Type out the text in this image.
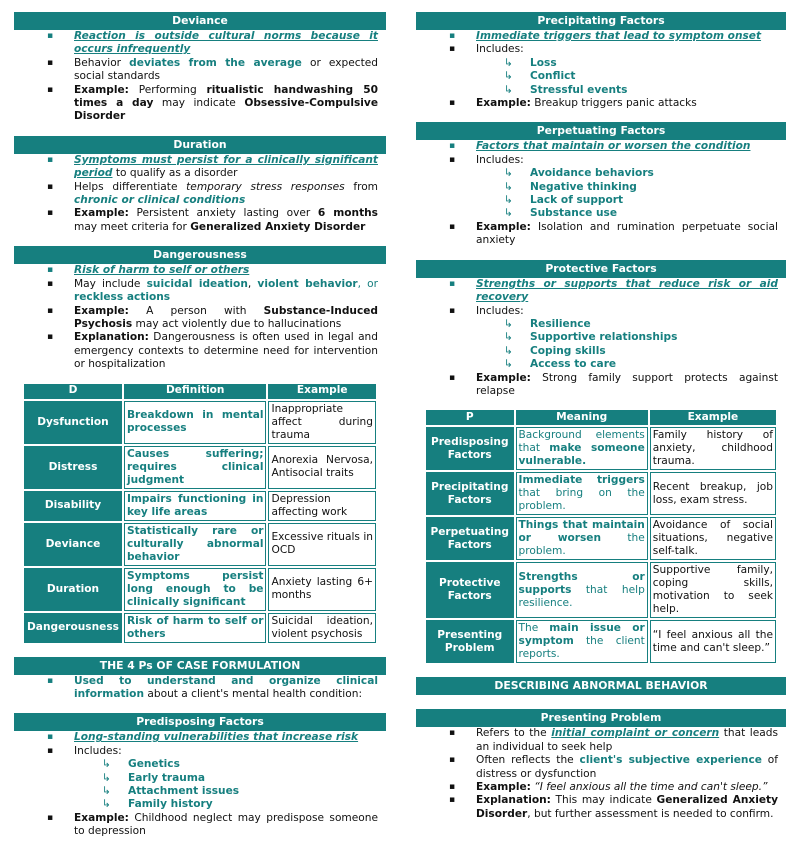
Deviance
▪ Reaction is outside cultural norms because it occurs infrequently
▪ Behavior deviates from the average or expected social standards
▪ Example: Performing ritualistic handwashing 50 times a day may indicate Obsessive-Compulsive Disorder
Duration
▪ Symptoms must persist for a clinically significant period to qualify as a disorder
▪ Helps differentiate temporary stress responses from chronic or clinical conditions
▪ Example: Persistent anxiety lasting over 6 months may meet criteria for Generalized Anxiety Disorder
Dangerousness
▪ Risk of harm to self or others
▪ May include suicidal ideation, violent behavior, or reckless actions
▪ Example: A person with Substance-Induced Psychosis may act violently due to hallucinations
▪ Explanation: Dangerousness is often used in legal and emergency contexts to determine need for intervention or hospitalization
D	Definition	Example
Dysfunction	Breakdown in mental processes	Inappropriate affect during trauma
Distress	Causes suffering; requires clinical judgment	Anorexia Nervosa, Antisocial traits
Disability	Impairs functioning in key life areas	Depression affecting work
Deviance	Statistically rare or culturally abnormal behavior	Excessive rituals in OCD
Duration	Symptoms persist long enough to be clinically significant	Anxiety lasting 6+ months
Dangerousness	Risk of harm to self or others	Suicidal ideation, violent psychosis
THE 4 Ps OF CASE FORMULATION
▪ Used to understand and organize clinical information about a client's mental health condition:
Predisposing Factors
▪ Long-standing vulnerabilities that increase risk
▪ Includes:
↳ Genetics
↳ Early trauma
↳ Attachment issues
↳ Family history
▪ Example: Childhood neglect may predispose someone to depression
Precipitating Factors
▪ Immediate triggers that lead to symptom onset
▪ Includes:
↳ Loss
↳ Conflict
↳ Stressful events
▪ Example: Breakup triggers panic attacks
Perpetuating Factors
▪ Factors that maintain or worsen the condition
▪ Includes:
↳ Avoidance behaviors
↳ Negative thinking
↳ Lack of support
↳ Substance use
▪ Example: Isolation and rumination perpetuate social anxiety
Protective Factors
▪ Strengths or supports that reduce risk or aid recovery
▪ Includes:
↳ Resilience
↳ Supportive relationships
↳ Coping skills
↳ Access to care
▪ Example: Strong family support protects against relapse
P	Meaning	Example
Predisposing Factors	Background elements that make someone vulnerable.	Family history of anxiety, childhood trauma.
Precipitating Factors	Immediate triggers that bring on the problem.	Recent breakup, job loss, exam stress.
Perpetuating Factors	Things that maintain or worsen the problem.	Avoidance of social situations, negative self-talk.
Protective Factors	Strengths or supports that help resilience.	Supportive family, coping skills, motivation to seek help.
Presenting Problem	The main issue or symptom the client reports.	“I feel anxious all the time and can't sleep.”
DESCRIBING ABNORMAL BEHAVIOR
Presenting Problem
▪ Refers to the initial complaint or concern that leads an individual to seek help
▪ Often reflects the client's subjective experience of distress or dysfunction
▪ Example: “I feel anxious all the time and can't sleep.”
▪ Explanation: This may indicate Generalized Anxiety Disorder, but further assessment is needed to confirm.
